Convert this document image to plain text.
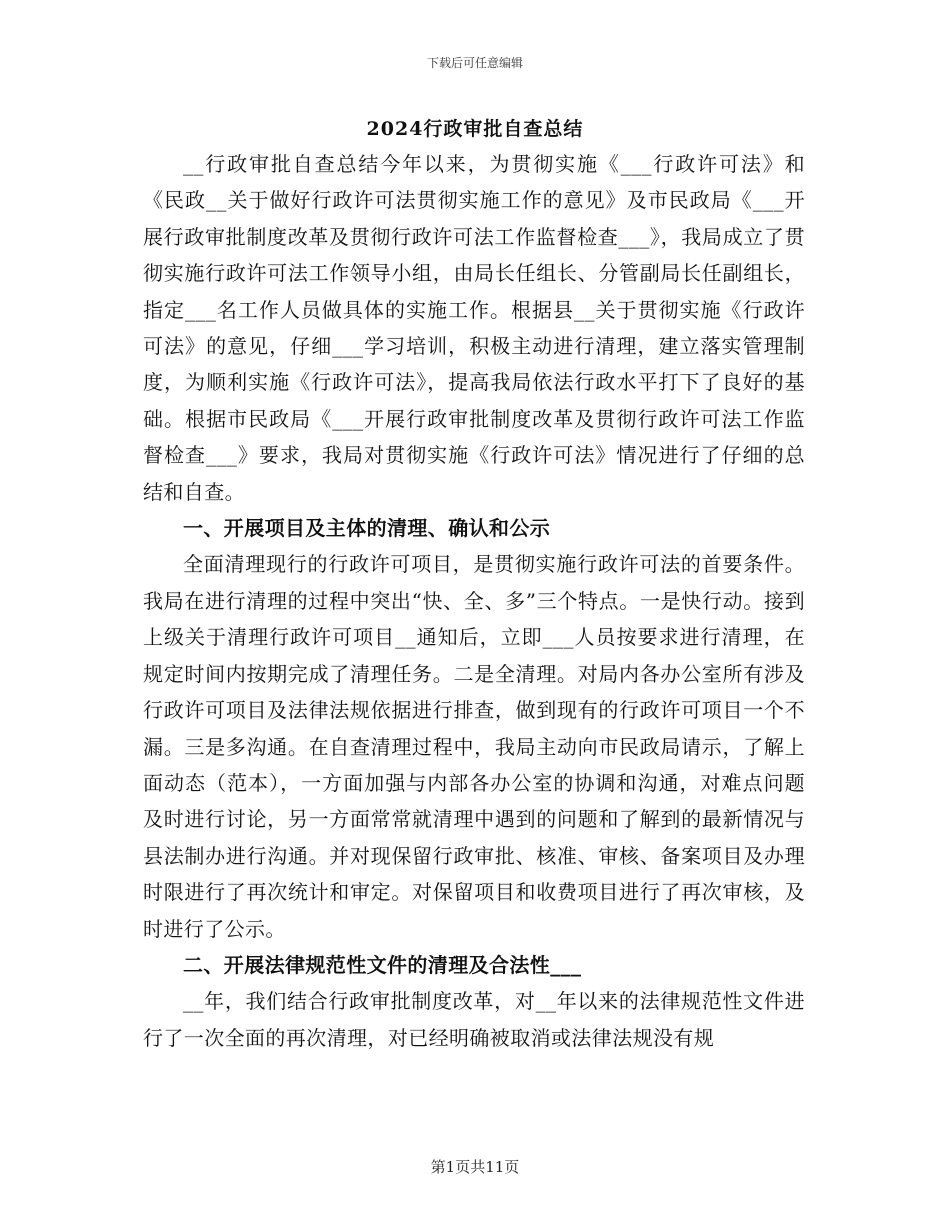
下载后可任意编辑
2024行政审批自查总结

__行政审批自查总结今年以来，为贯彻实施《___行政许可法》和《民政__关于做好行政许可法贯彻实施工作的意见》及市民政局《___开展行政审批制度改革及贯彻行政许可法工作监督检查___》，我局成立了贯彻实施行政许可法工作领导小组，由局长任组长、分管副局长任副组长，指定___名工作人员做具体的实施工作。根据县__关于贯彻实施《行政许可法》的意见，仔细___学习培训，积极主动进行清理，建立落实管理制度，为顺利实施《行政许可法》，提高我局依法行政水平打下了良好的基础。根据市民政局《___开展行政审批制度改革及贯彻行政许可法工作监督检查___》要求，我局对贯彻实施《行政许可法》情况进行了仔细的总结和自查。

一、开展项目及主体的清理、确认和公示

全面清理现行的行政许可项目，是贯彻实施行政许可法的首要条件。我局在进行清理的过程中突出“快、全、多”三个特点。一是快行动。接到上级关于清理行政许可项目__通知后，立即___人员按要求进行清理，在规定时间内按期完成了清理任务。二是全清理。对局内各办公室所有涉及行政许可项目及法律法规依据进行排查，做到现有的行政许可项目一个不漏。三是多沟通。在自查清理过程中，我局主动向市民政局请示，了解上面动态（范本），一方面加强与内部各办公室的协调和沟通，对难点问题及时进行讨论，另一方面常常就清理中遇到的问题和了解到的最新情况与县法制办进行沟通。并对现保留行政审批、核准、审核、备案项目及办理时限进行了再次统计和审定。对保留项目和收费项目进行了再次审核，及时进行了公示。

二、开展法律规范性文件的清理及合法性___

__年，我们结合行政审批制度改革，对__年以来的法律规范性文件进行了一次全面的再次清理，对已经明确被取消或法律法规没有规

第1页共11页
